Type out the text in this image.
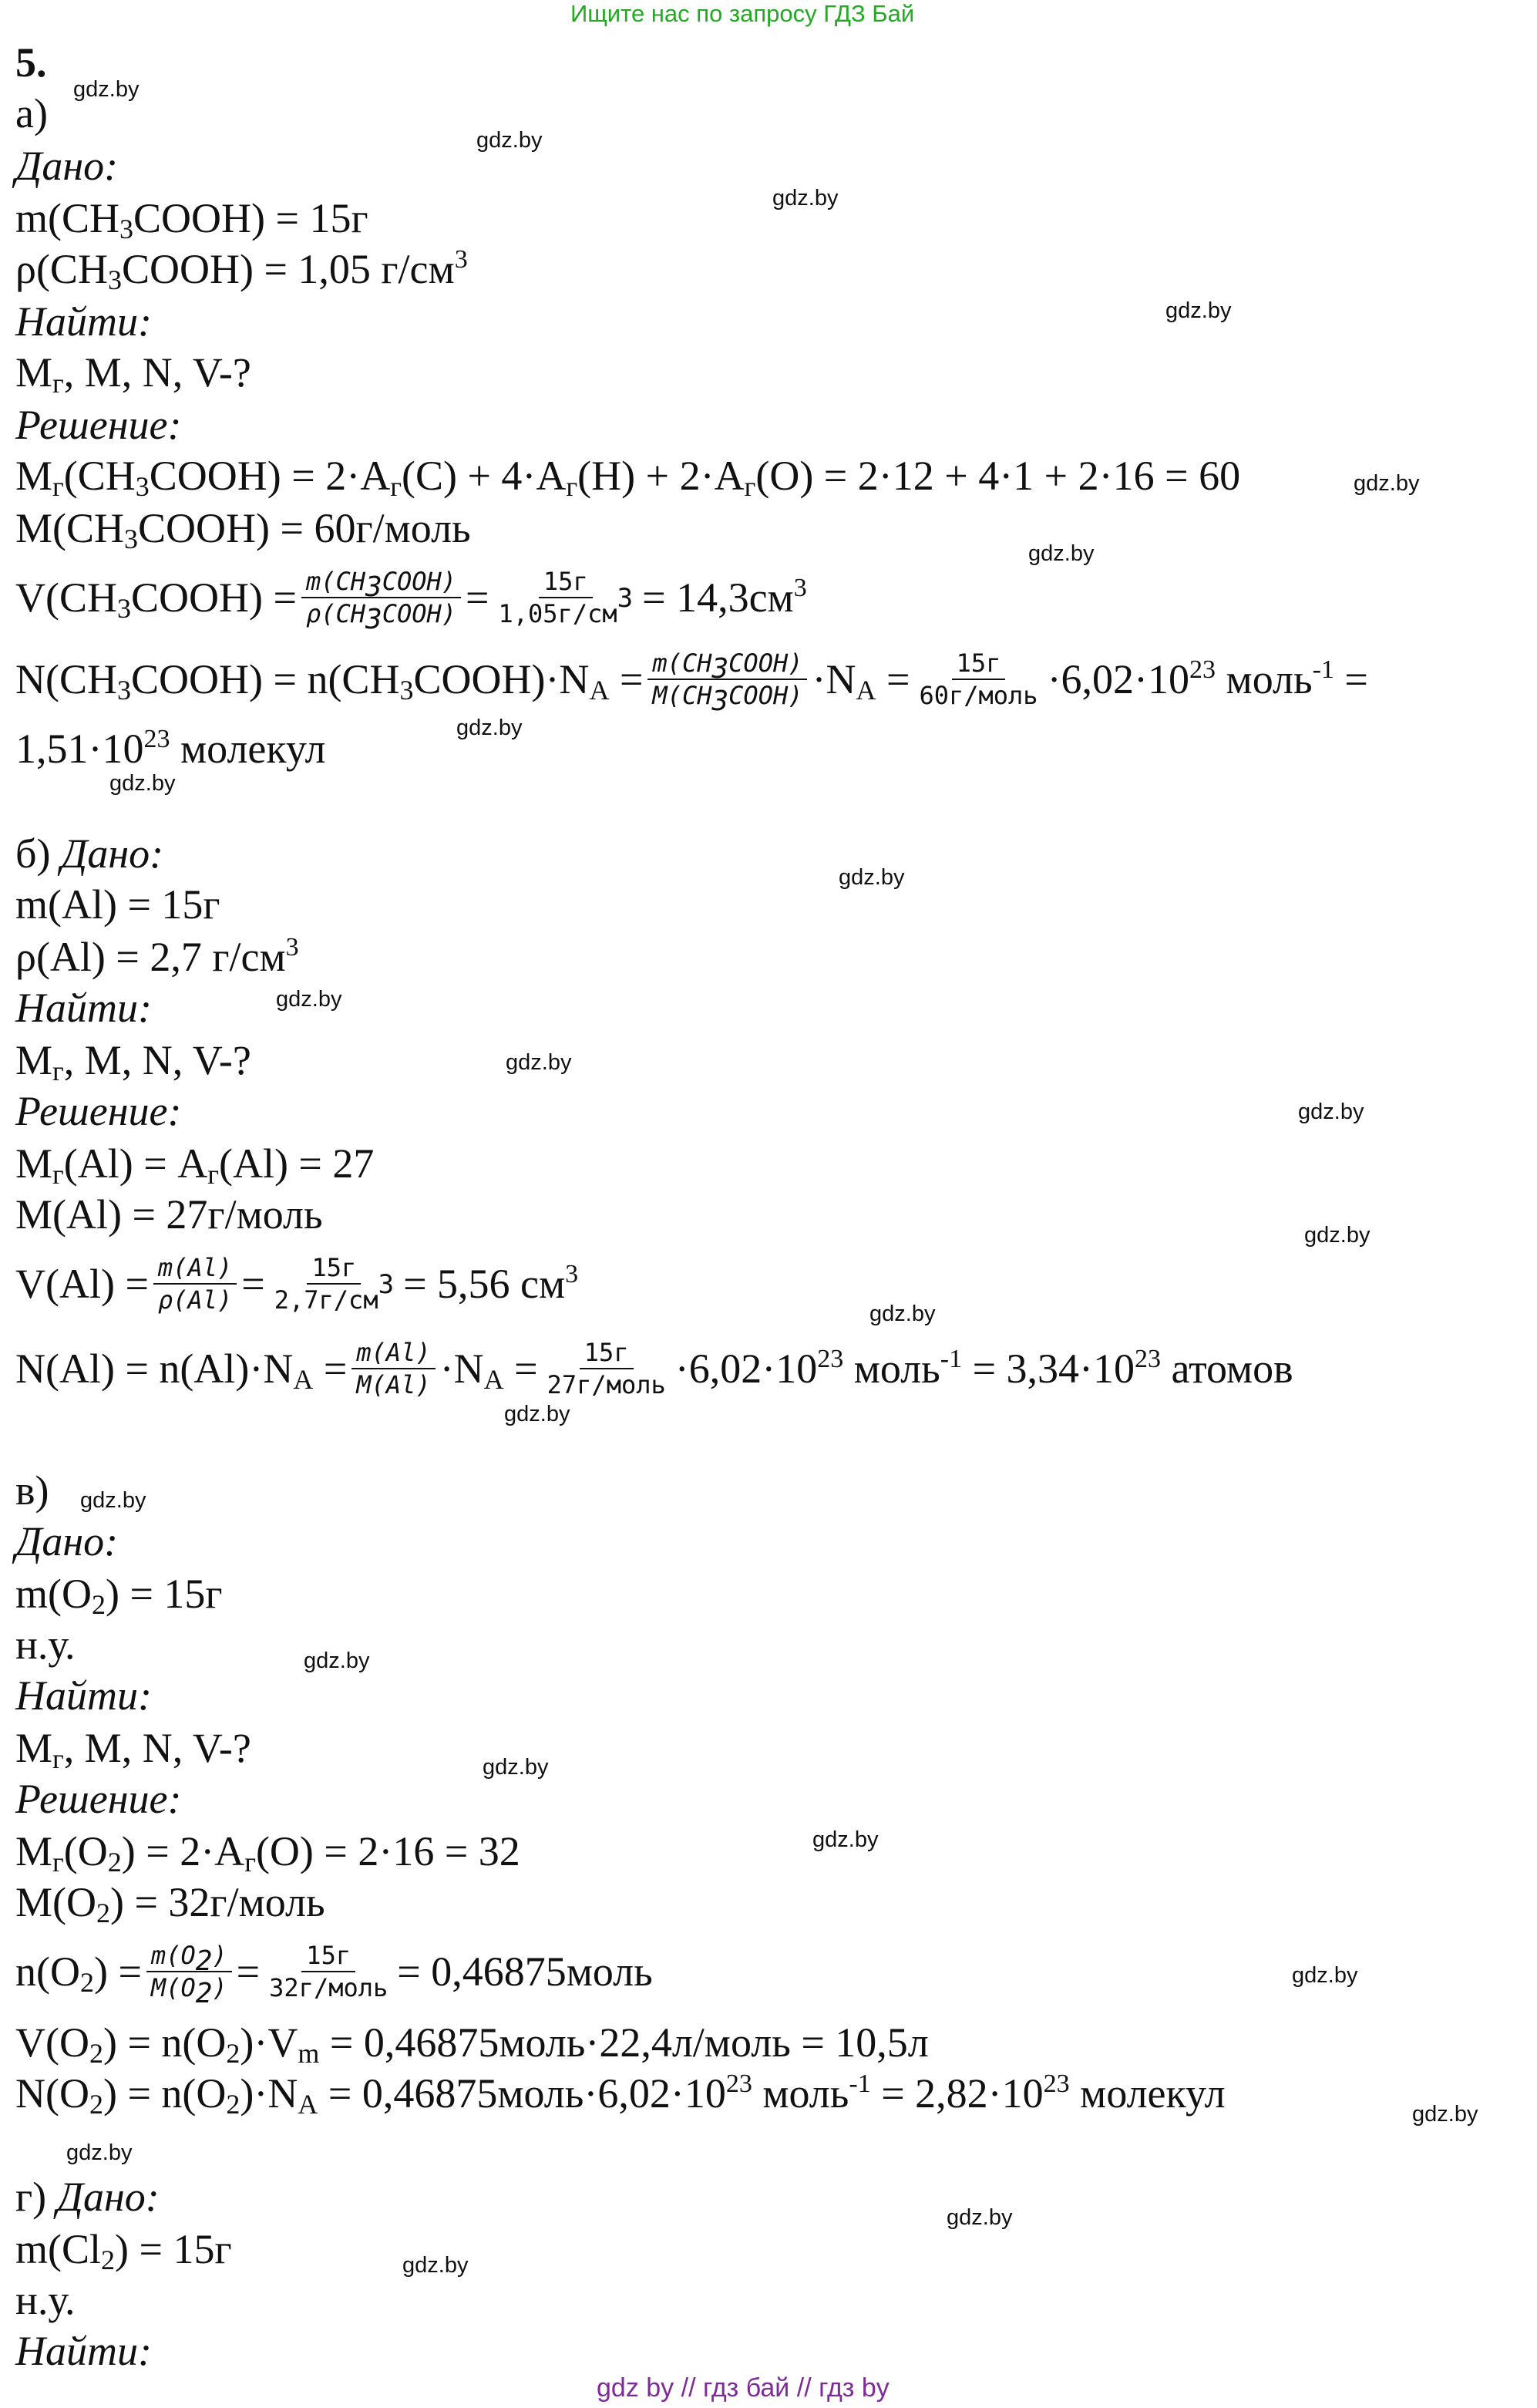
Ищите нас по запросу ГДЗ Бай
gdz.by
gdz.by
gdz.by
gdz.by
gdz.by
gdz.by
gdz.by
gdz.by
gdz.by
gdz.by
gdz.by
gdz.by
gdz.by
gdz.by
gdz.by
gdz.by
gdz.by
gdz.by
gdz.by
gdz.by
gdz.by
gdz.by
gdz.by
gdz.by
5.
а)
Дано:
$m(CH_3COOH) = 15г$
$\rho(CH_3COOH) = 1,05$ $г/см^3$
Найти:
$M_г$, M, N, V-?
Решение:
$M_г(CH_3COOH) = 2\cdot A_г(C) + 4\cdot A_г(H) + 2\cdot A_г(O) = 2\cdot 12 + 4\cdot 1 + 2\cdot 16 = 60$
$M(CH_3COOH)$ = 60г/моль
$V(CH_3COOH)$ = $m(CH_3COOH)$
$\rho(CH_3COOH) = 15г$
$1,05г/см^3 = 14,3см^3$
$N(CH_3COOH)$ = $n(CH_3COOH)\cdot N_A$ = $m(CH_3COOH)$
$M(CH_3COOH) \cdot N_A = 15г$
60г/моль $\cdot 6,02\cdot 10^{23}$ моль$^{-1}$ =
$1,51\cdot 10^{23}$ молекул
б) Дано:
m(Al) = 15г
ρ(Al) = 2,7 $г/см^3$
Найти:
$M_г$, M, N, V-?
Решение:
$M_г(Al) = A_г(Al) = 27$
M(Al) = 27г/моль
$V(Al) = \frac{m(Al)}{\rho(Al)} = 15г$
$2,7г/см^3 = 5,56$ $см^3$
$N(Al) = n(Al)\cdot N_A = \frac{m(Al)}{M(Al)} \cdot N_A = 15г$
27г/моль $\cdot 6,02\cdot 10^{23}$ моль$^{-1}$ = $3,34\cdot 10^{23}$ атомов
в)
Дано:
$m(O_2) = 15г$
н.у.
Найти:
$M_г$, M, N, V-?
Решение:
$M_г(O_2) = 2\cdot A_г(O) = 2\cdot 16 = 32$
$M(O_2)$ = 32г/моль
$n(O_2) = \frac{m(O_2)}{M(O_2)} = 15г$
32г/моль = 0,46875моль
$V(O_2) = n(O_2)\cdot V_m$ = 0,46875моль·22,4л/моль = 10,5л
$N(O_2) = n(O_2)\cdot N_A$ = $0,46875моль\cdot 6,02\cdot 10^{23}$ моль$^{-1}$ = $2,82\cdot 10^{23}$ молекул
г) Дано:
$m(Cl_2) = 15г$
н.у.
Найти:
gdz by // гдз бай // гдз by
